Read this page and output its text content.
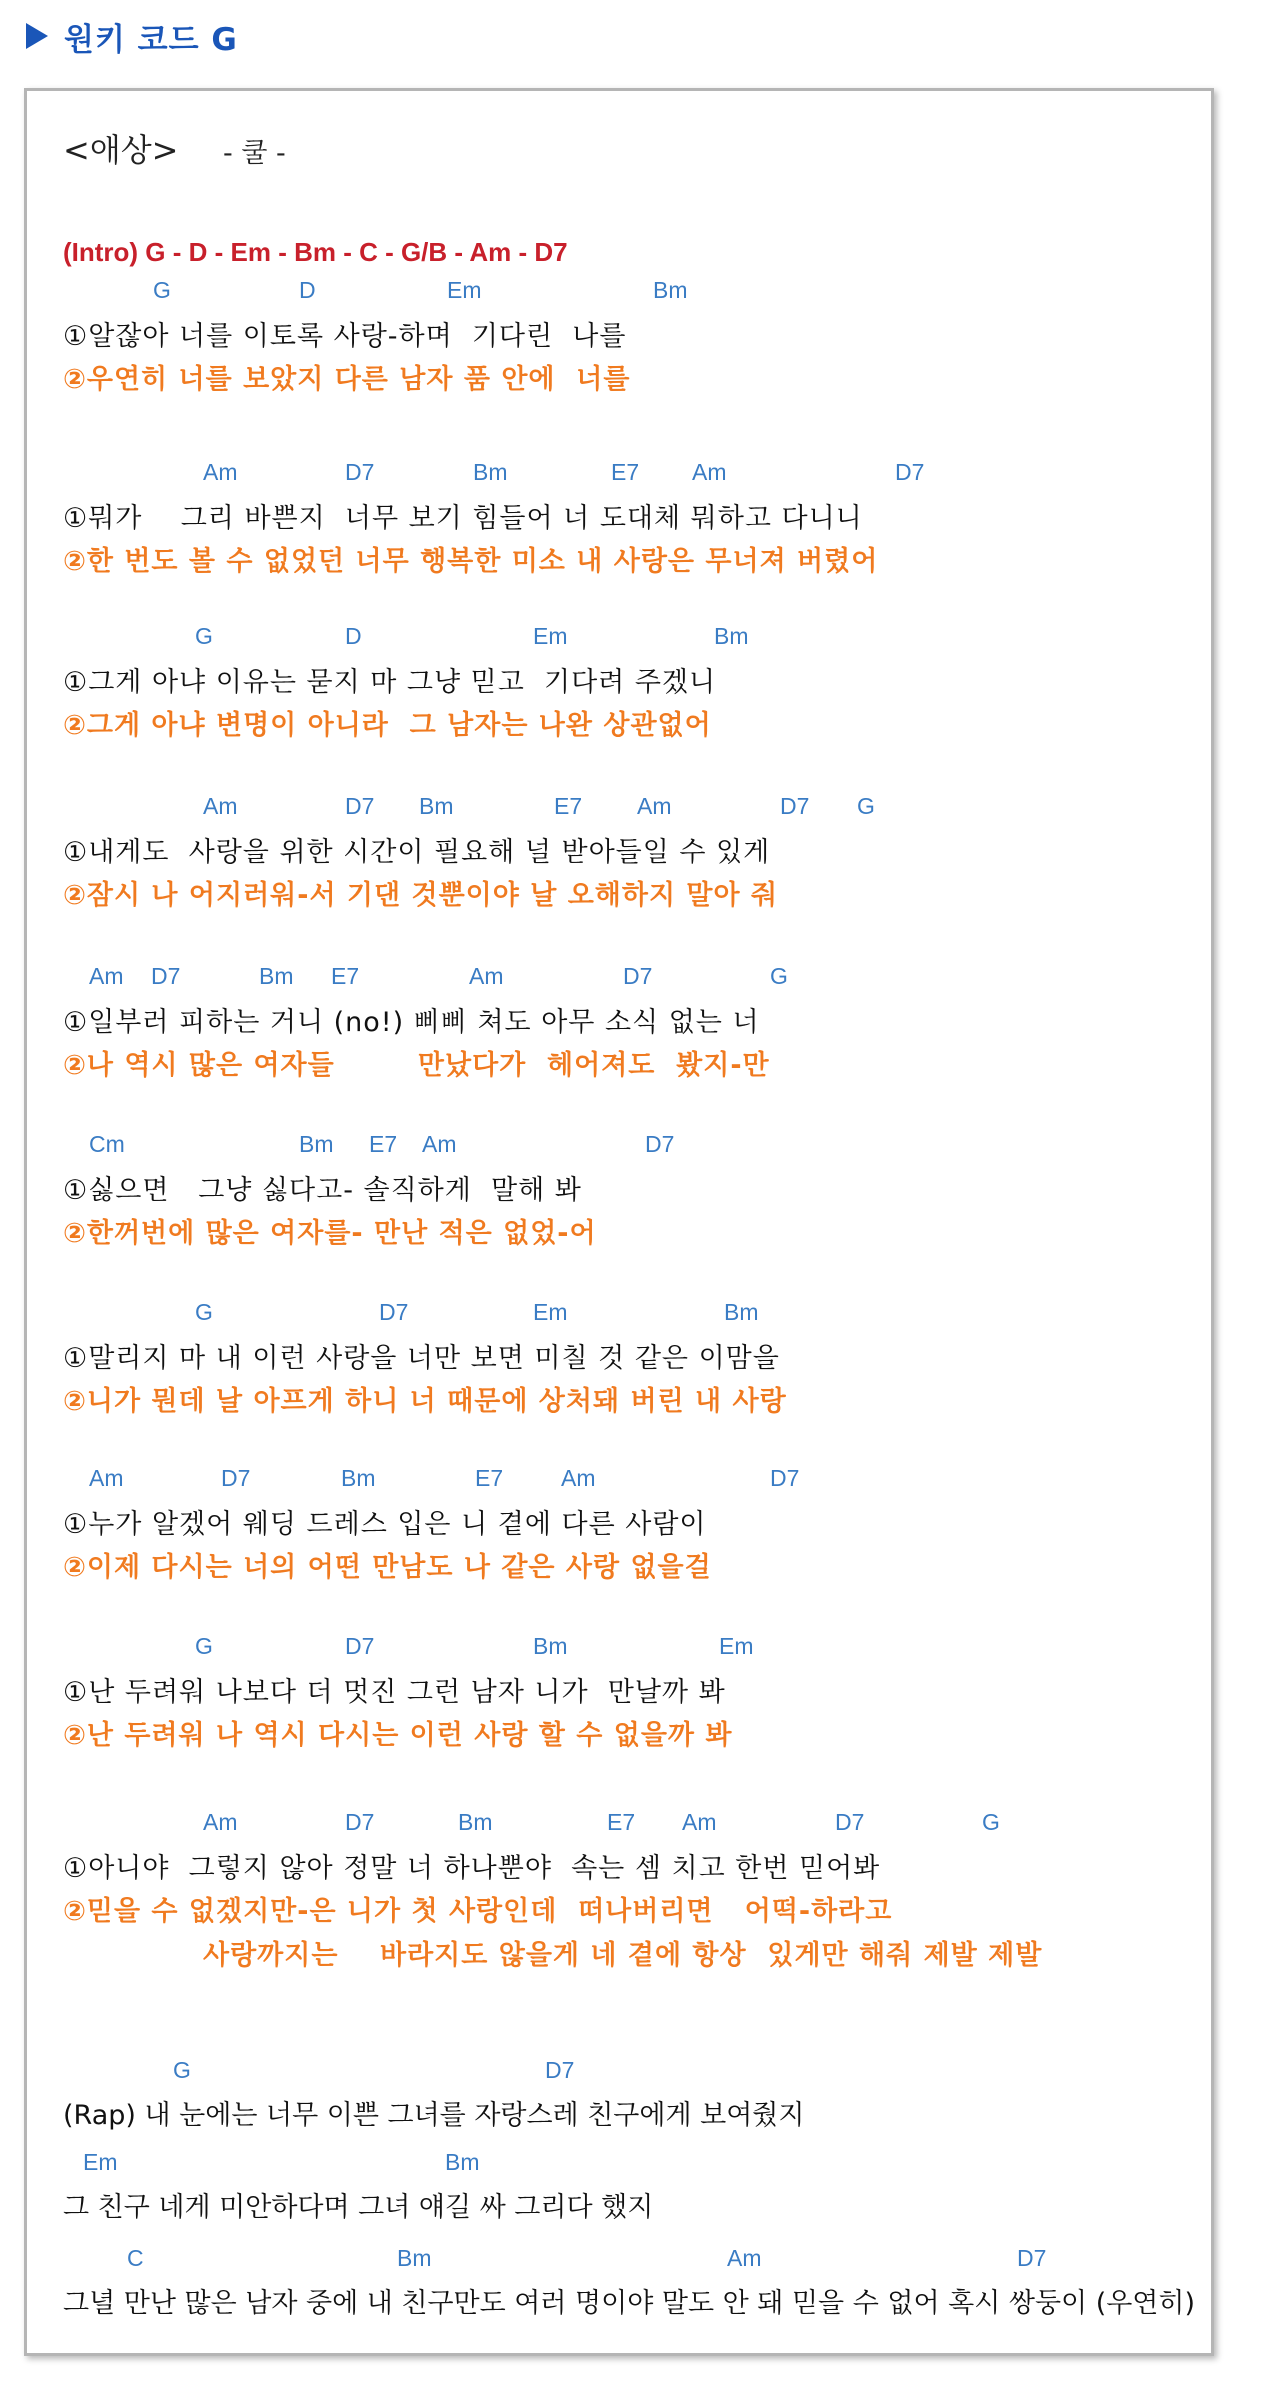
원키 코드 G
<애상> - 쿨 -
(Intro) G - D - Em - Bm - C - G/B - Am - D7
G	D	Em	Bm
①알잖아 너를 이토록 사랑-하며  기다린  나를
②우연히 너를 보았지 다른 남자 품 안에  너를
Am	D7	Bm	E7 Am	D7
①뭐가    그리 바쁜지  너무 보기 힘들어 너 도대체 뭐하고 다니니
②한 번도 볼 수 없었던 너무 행복한 미소 내 사랑은 무너져 버렸어
G	D	Em	Bm
①그게 아냐 이유는 묻지 마 그냥 믿고  기다려 주겠니
②그게 아냐 변명이 아니라  그 남자는 나완 상관없어
Am	D7 Bm	E7 Am	D7 G
①내게도  사랑을 위한 시간이 필요해 널 받아들일 수 있게
②잠시 나 어지러워-서 기댄 것뿐이야 날 오해하지 말아 줘
Am D7	Bm E7	Am	D7	G
①일부러 피하는 거니 (no!) 삐삐 쳐도 아무 소식 없는 너
②나 역시 많은 여자들        만났다가  헤어져도  봤지-만
Cm	Bm E7 Am	D7
①싫으면   그냥 싫다고- 솔직하게  말해 봐
②한꺼번에 많은 여자를- 만난 적은 없었-어
G	D7	Em	Bm
①말리지 마 내 이런 사랑을 너만 보면 미칠 것 같은 이맘을
②니가 뭔데 날 아프게 하니 너 때문에 상처돼 버린 내 사랑
Am	D7	Bm	E7	Am	D7
①누가 알겠어 웨딩 드레스 입은 니 곁에 다른 사람이
②이제 다시는 너의 어떤 만남도 나 같은 사랑 없을걸
G	D7	Bm	Em
①난 두려워 나보다 더 멋진 그런 남자 니가  만날까 봐
②난 두려워 나 역시 다시는 이런 사랑 할 수 없을까 봐
Am	D7	Bm	E7 Am	D7	G
①아니야  그렇지 않아 정말 너 하나뿐야  속는 셈 치고 한번 믿어봐
②믿을 수 없겠지만-은 니가 첫 사랑인데  떠나버리면   어떡-하라고
사랑까지는    바라지도 않을게 네 곁에 항상  있게만 해줘 제발 제발
G	D7
(Rap) 내 눈에는 너무 이쁜 그녀를 자랑스레 친구에게 보여줬지
Em	Bm
그 친구 네게 미안하다며 그녀 얘길 싸 그리다 했지
C	Bm	Am	D7
그녈 만난 많은 남자 중에 내 친구만도 여러 명이야 말도 안 돼 믿을 수 없어 혹시 쌍둥이 (우연히)
